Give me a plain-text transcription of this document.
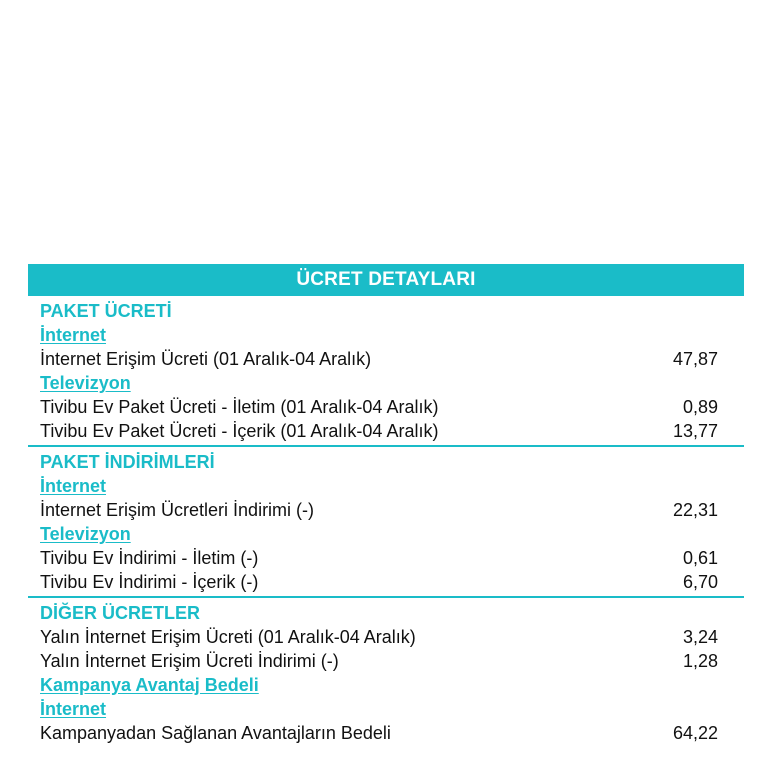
ÜCRET DETAYLARI
PAKET ÜCRETİ
İnternet
İnternet Erişim Ücreti (01 Aralık-04 Aralık)	47,87
Televizyon
Tivibu Ev Paket Ücreti - İletim (01 Aralık-04 Aralık)	0,89
Tivibu Ev Paket Ücreti - İçerik (01 Aralık-04 Aralık)	13,77
PAKET İNDİRİMLERİ
İnternet
İnternet Erişim Ücretleri İndirimi (-)	22,31
Televizyon
Tivibu Ev İndirimi - İletim (-)	0,61
Tivibu Ev İndirimi - İçerik (-)	6,70
DİĞER ÜCRETLER
Yalın İnternet Erişim Ücreti (01 Aralık-04 Aralık)	3,24
Yalın İnternet Erişim Ücreti İndirimi (-)	1,28
Kampanya Avantaj Bedeli
İnternet
Kampanyadan Sağlanan Avantajların Bedeli	64,22
